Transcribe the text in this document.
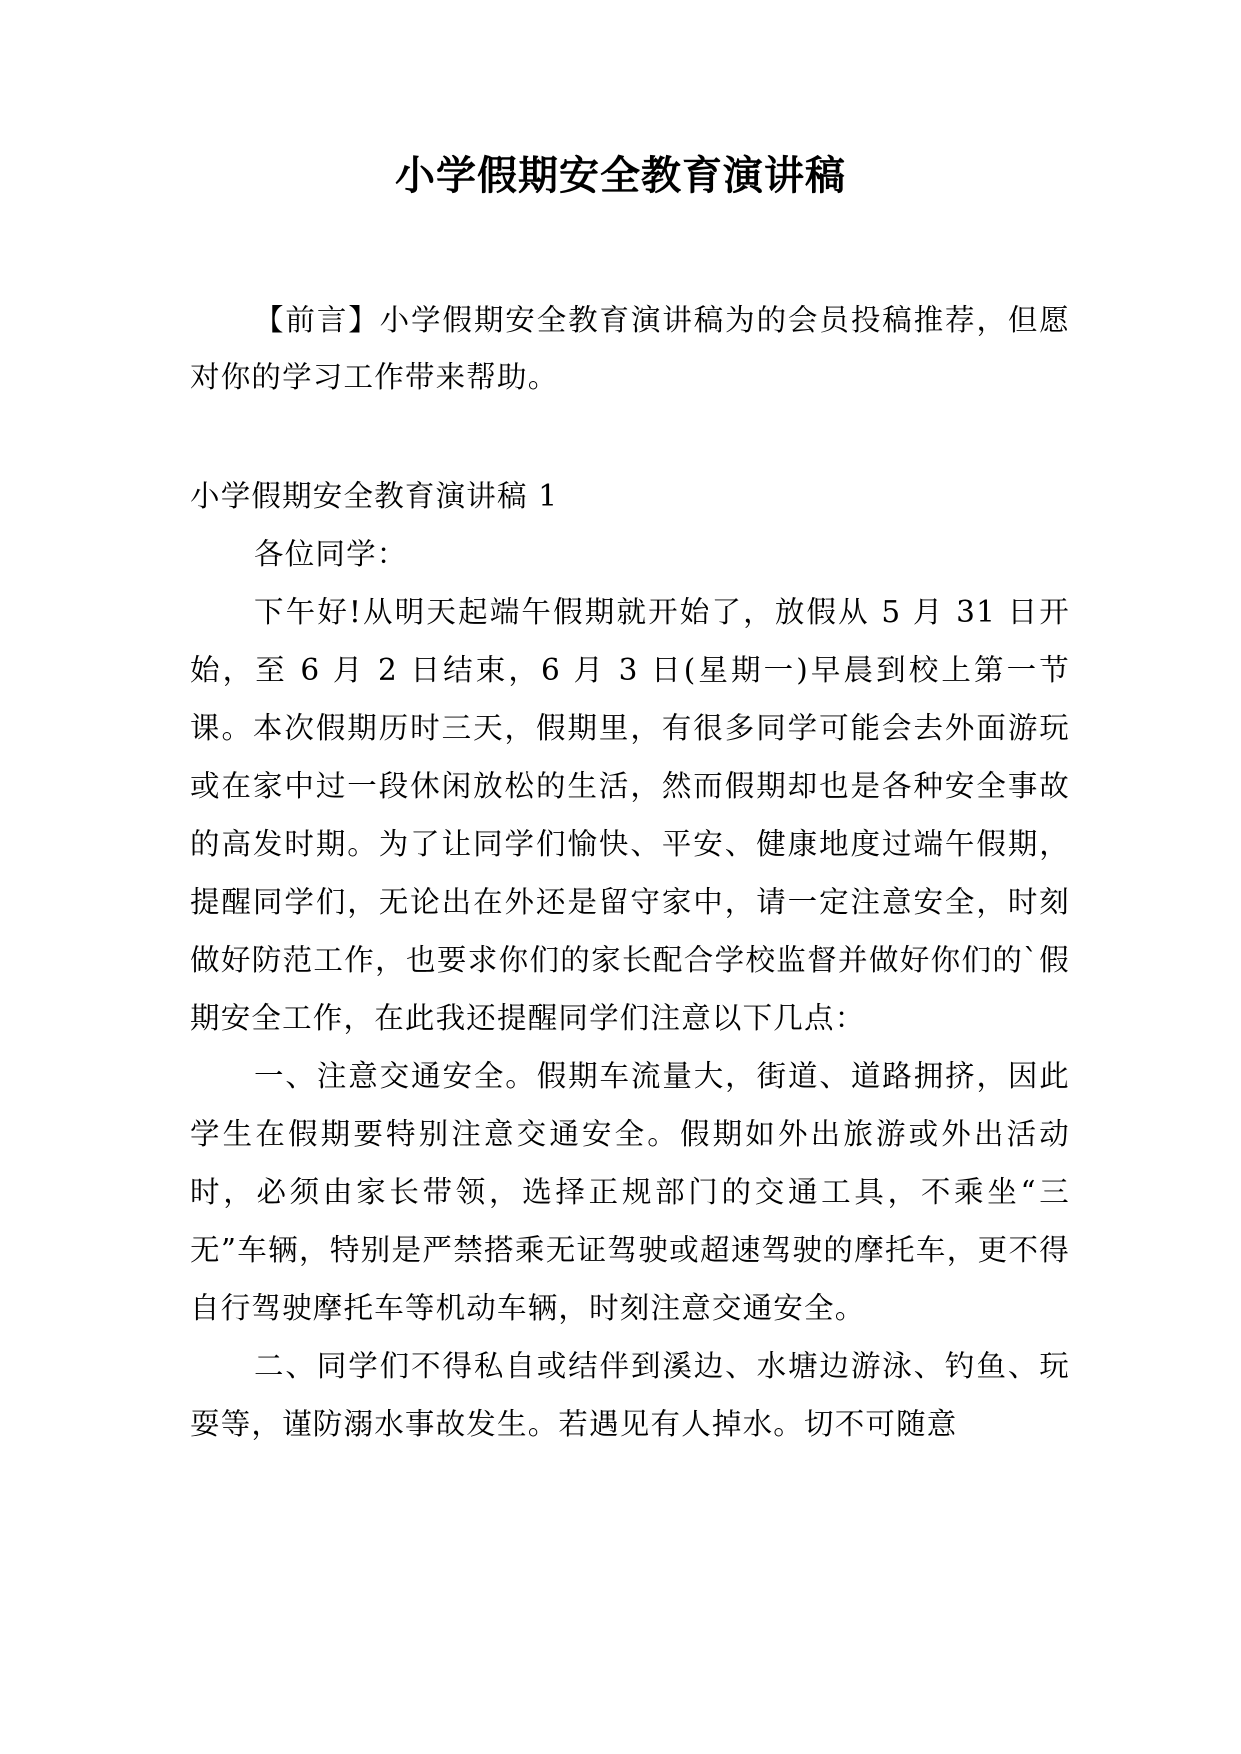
小学假期安全教育演讲稿

【前言】小学假期安全教育演讲稿为的会员投稿推荐，但愿对你的学习工作带来帮助。

小学假期安全教育演讲稿 1

各位同学：

下午好!从明天起端午假期就开始了，放假从 5 月 31 日开始，至 6 月 2 日结束，6 月 3 日(星期一)早晨到校上第一节课。本次假期历时三天，假期里，有很多同学可能会去外面游玩或在家中过一段休闲放松的生活，然而假期却也是各种安全事故的高发时期。为了让同学们愉快、平安、健康地度过端午假期，提醒同学们，无论出在外还是留守家中，请一定注意安全，时刻做好防范工作，也要求你们的家长配合学校监督并做好你们的`假期安全工作，在此我还提醒同学们注意以下几点：

一、注意交通安全。假期车流量大，街道、道路拥挤，因此学生在假期要特别注意交通安全。假期如外出旅游或外出活动时，必须由家长带领，选择正规部门的交通工具，不乘坐“三无”车辆，特别是严禁搭乘无证驾驶或超速驾驶的摩托车，更不得自行驾驶摩托车等机动车辆，时刻注意交通安全。

二、同学们不得私自或结伴到溪边、水塘边游泳、钓鱼、玩耍等，谨防溺水事故发生。若遇见有人掉水。切不可随意
